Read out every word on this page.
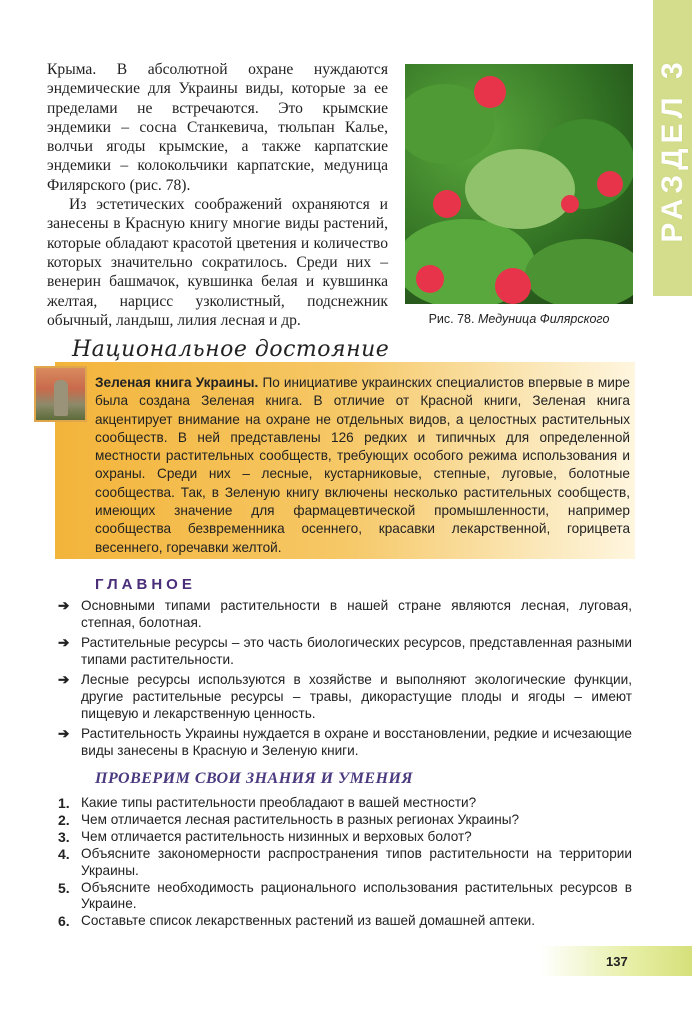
РАЗДЕЛ 3

Крыма. В абсолютной охране нуждаются эндемические для Украины виды, которые за ее пределами не встречаются. Это крымские эндемики – сосна Станкевича, тюльпан Калье, волчьи ягоды крымские, а также карпатские эндемики – колокольчики карпатские, медуница Филярского (рис. 78).

Из эстетических соображений охраняются и занесены в Красную книгу многие виды растений, которые обладают красотой цветения и количество которых значительно сократилось. Среди них – венерин башмачок, кувшинка белая и кувшинка желтая, нарцисс узколистный, подснежник обычный, ландыш, лилия лесная и др.	Рис. 78. Медуница Филярского
Национальное достояние
Зеленая книга Украины. По инициативе украинских специалистов впервые в мире была создана Зеленая книга. В отличие от Красной книги, Зеленая книга акцентирует внимание на охране не отдельных видов, а целостных растительных сообществ. В ней представлены 126 редких и типичных для определенной местности растительных сообществ, требующих особого режима использования и охраны. Среди них – лесные, кустарниковые, степные, луговые, болотные сообщества. Так, в Зеленую книгу включены несколько растительных сообществ, имеющих значение для фармацевтической промышленности, например сообщества безвременника осеннего, красавки лекарственной, горицвета весеннего, горечавки желтой.
ГЛАВНОЕ
➔ Основными типами растительности в нашей стране являются лесная, луговая, степная, болотная.
➔ Растительные ресурсы – это часть биологических ресурсов, представленная разными типами растительности.
➔ Лесные ресурсы используются в хозяйстве и выполняют экологические функции, другие растительные ресурсы – травы, дикорастущие плоды и ягоды – имеют пищевую и лекарственную ценность.
➔ Растительность Украины нуждается в охране и восстановлении, редкие и исчезающие виды занесены в Красную и Зеленую книги.
ПРОВЕРИМ СВОИ ЗНАНИЯ И УМЕНИЯ
1. Какие типы растительности преобладают в вашей местности?
2. Чем отличается лесная растительность в разных регионах Украины?
3. Чем отличается растительность низинных и верховых болот?
4. Объясните закономерности распространения типов растительности на территории Украины.
5. Объясните необходимость рационального использования растительных ресурсов в Украине.
6. Составьте список лекарственных растений из вашей домашней аптеки.
137
